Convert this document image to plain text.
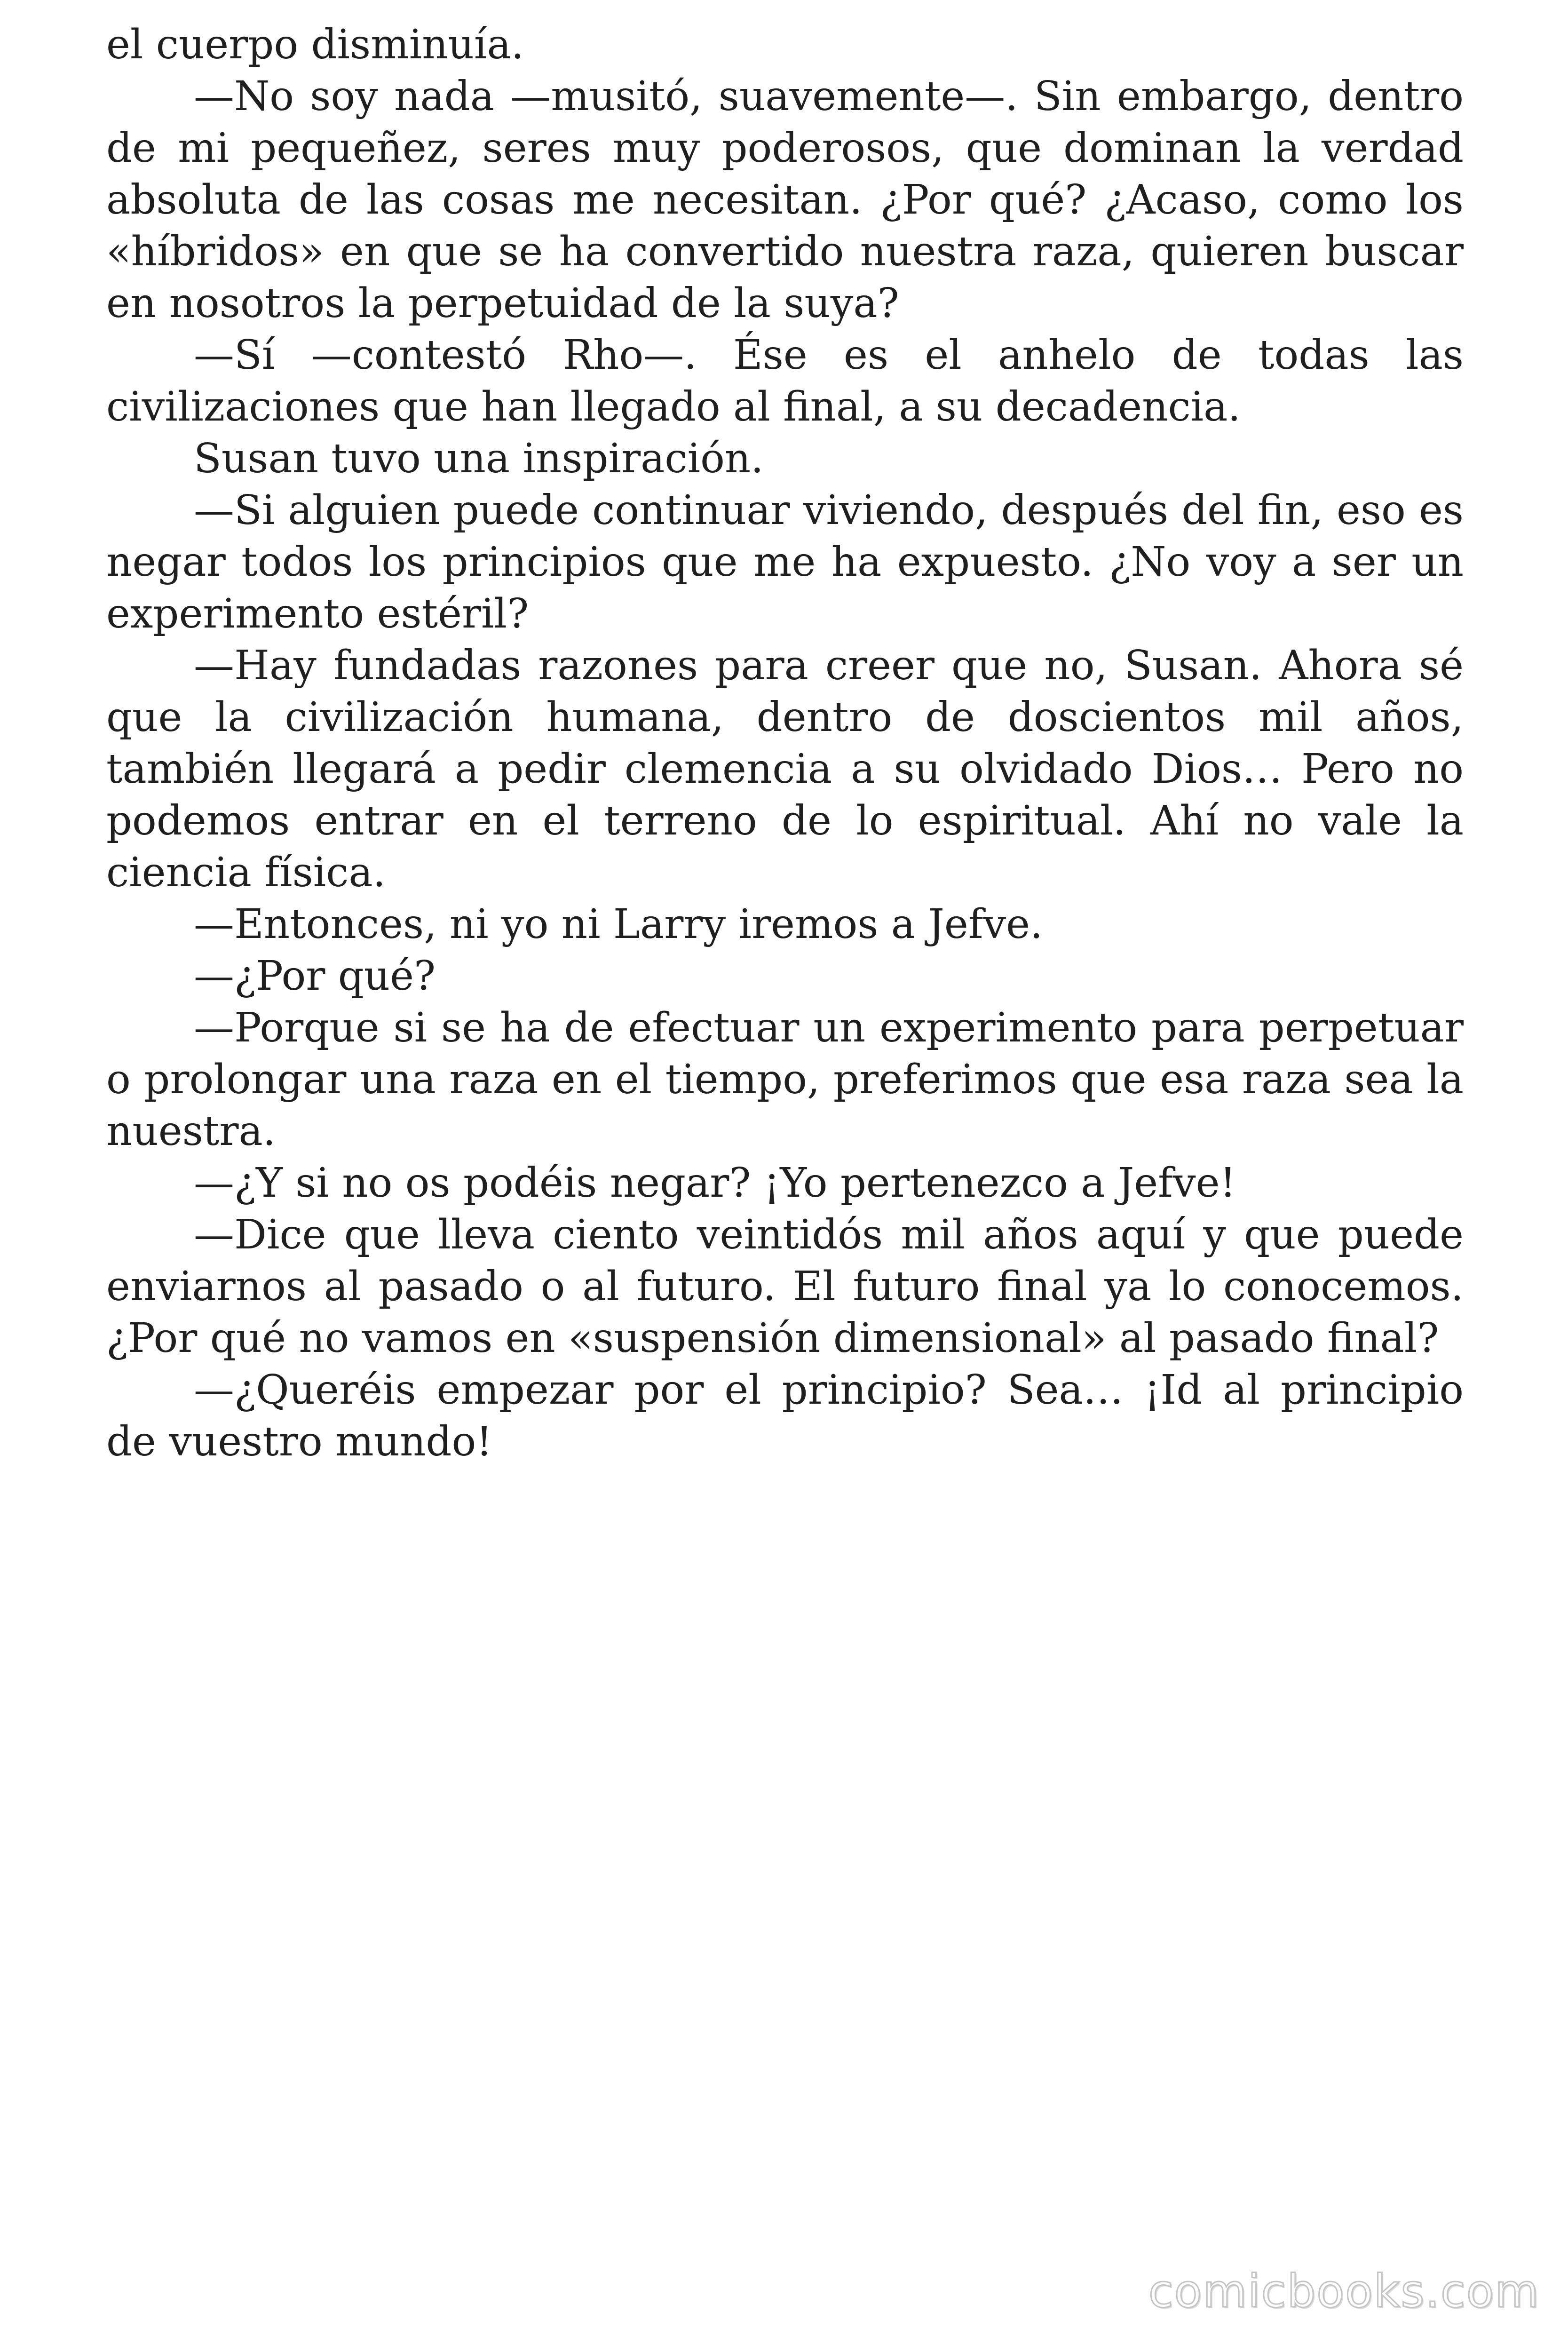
el cuerpo disminuía.

—No soy nada —musitó, suavemente—. Sin embargo, dentro de mi pequeñez, seres muy poderosos, que dominan la verdad absoluta de las cosas me necesitan. ¿Por qué? ¿Acaso, como los «híbridos» en que se ha convertido nuestra raza, quieren buscar en nosotros la perpetuidad de la suya?

—Sí —contestó Rho—. Ése es el anhelo de todas las civilizaciones que han llegado al final, a su decadencia.

Susan tuvo una inspiración.

—Si alguien puede continuar viviendo, después del fin, eso es negar todos los principios que me ha expuesto. ¿No voy a ser un experimento estéril?

—Hay fundadas razones para creer que no, Susan. Ahora sé que la civilización humana, dentro de doscientos mil años, también llegará a pedir clemencia a su olvidado Dios… Pero no podemos entrar en el terreno de lo espiritual. Ahí no vale la ciencia física.

—Entonces, ni yo ni Larry iremos a Jefve.

—¿Por qué?

—Porque si se ha de efectuar un experimento para perpetuar o prolongar una raza en el tiempo, preferimos que esa raza sea la nuestra.

—¿Y si no os podéis negar? ¡Yo pertenezco a Jefve!

—Dice que lleva ciento veintidós mil años aquí y que puede enviarnos al pasado o al futuro. El futuro final ya lo conocemos. ¿Por qué no vamos en «suspensión dimensional» al pasado final?

—¿Queréis empezar por el principio? Sea… ¡Id al principio de vuestro mundo!

comicbooks.com
